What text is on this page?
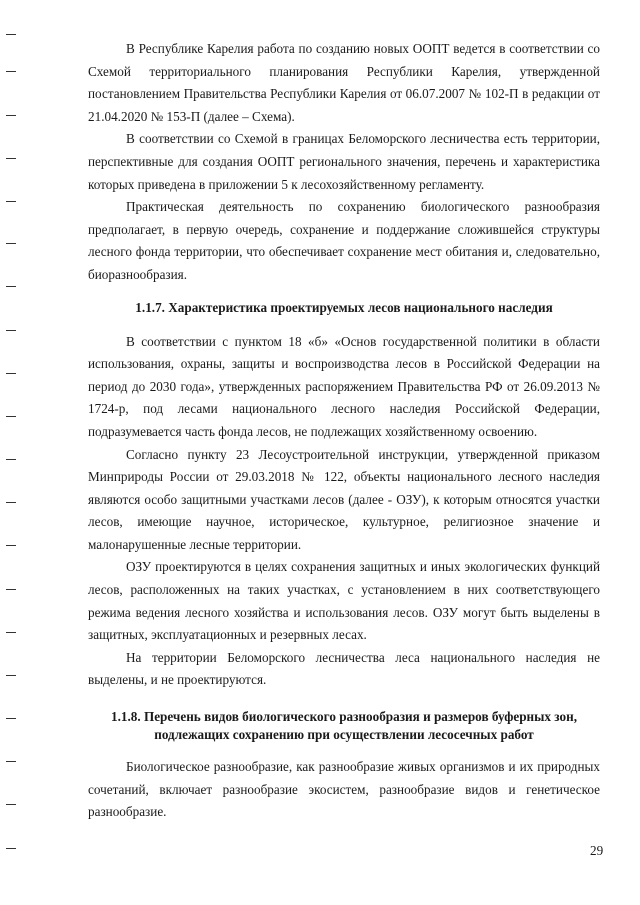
В Республике Карелия работа по созданию новых ООПТ ведется в соответствии со Схемой территориального планирования Республики Карелия, утвержденной постановлением Правительства Республики Карелия от 06.07.2007 № 102-П в редакции от 21.04.2020 № 153-П (далее – Схема).

В соответствии со Схемой в границах Беломорского лесничества есть территории, перспективные для создания ООПТ регионального значения, перечень и характеристика которых приведена в приложении 5 к лесохозяйственному регламенту.

Практическая деятельность по сохранению биологического разнообразия предполагает, в первую очередь, сохранение и поддержание сложившейся структуры лесного фонда территории, что обеспечивает сохранение мест обитания и, следовательно, биоразнообразия.

1.1.7. Характеристика проектируемых лесов национального наследия

В соответствии с пунктом 18 «б» «Основ государственной политики в области использования, охраны, защиты и воспроизводства лесов в Российской Федерации на период до 2030 года», утвержденных распоряжением Правительства РФ от 26.09.2013 № 1724-р, под лесами национального лесного наследия Российской Федерации, подразумевается часть фонда лесов, не подлежащих хозяйственному освоению.

Согласно пункту 23 Лесоустроительной инструкции, утвержденной приказом Минприроды России от 29.03.2018 № 122, объекты национального лесного наследия являются особо защитными участками лесов (далее - ОЗУ), к которым относятся участки лесов, имеющие научное, историческое, культурное, религиозное значение и малонарушенные лесные территории.

ОЗУ проектируются в целях сохранения защитных и иных экологических функций лесов, расположенных на таких участках, с установлением в них соответствующего режима ведения лесного хозяйства и использования лесов. ОЗУ могут быть выделены в защитных, эксплуатационных и резервных лесах.

На территории Беломорского лесничества леса национального наследия не выделены, и не проектируются.

1.1.8. Перечень видов биологического разнообразия и размеров буферных зон,

подлежащих сохранению при осуществлении лесосечных работ

Биологическое разнообразие, как разнообразие живых организмов и их природных сочетаний, включает разнообразие экосистем, разнообразие видов и генетическое разнообразие.

29
